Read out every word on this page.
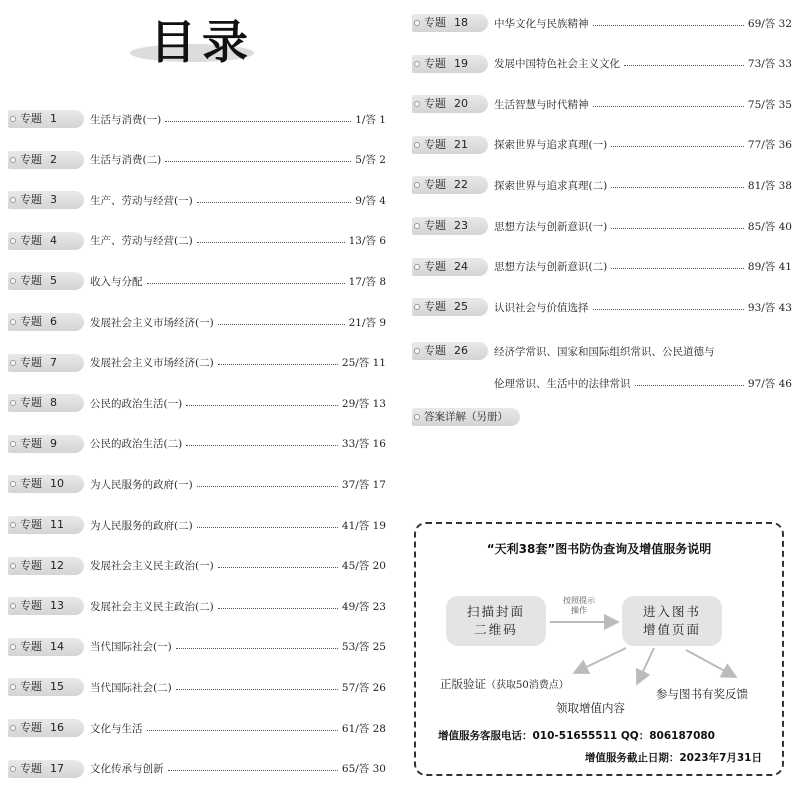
目录
专题 1	生活与消费(一)	1/答 1
专题 2	生活与消费(二)	5/答 2
专题 3	生产、劳动与经营(一)	9/答 4
专题 4	生产、劳动与经营(二)	13/答 6
专题 5	收入与分配	17/答 8
专题 6	发展社会主义市场经济(一)	21/答 9
专题 7	发展社会主义市场经济(二)	25/答 11
专题 8	公民的政治生活(一)	29/答 13
专题 9	公民的政治生活(二)	33/答 16
专题 10 为人民服务的政府(一)	37/答 17
专题 11 为人民服务的政府(二)	41/答 19
专题 12 发展社会主义民主政治(一)	45/答 20
专题 13 发展社会主义民主政治(二)	49/答 23
专题 14 当代国际社会(一)	53/答 25
专题 15 当代国际社会(二)	57/答 26
专题 16 文化与生活	61/答 28
专题 17 文化传承与创新	65/答 30
专题 26 经济学常识、国家和国际组织常识、公民道德与
伦理常识、生活中的法律常识	97/答 46
答案详解（另册）
专题 18 中华文化与民族精神	69/答 32
专题 19 发展中国特色社会主义文化	73/答 33
专题 20 生活智慧与时代精神	75/答 35
专题 21 探索世界与追求真理(一)	77/答 36
专题 22 探索世界与追求真理(二)	81/答 38
专题 23 思想方法与创新意识(一)	85/答 40
专题 24 思想方法与创新意识(二)	89/答 41
专题 25 认识社会与价值选择	93/答 43
“天利38套”图书防伪查询及增值服务说明
扫描封面
二维码
按照提示
操作	进入图书
增值页面
正版验证（获取50消费点）
领取增值内容
参与图书有奖反馈
增值服务客服电话：010-51655511 QQ：806187080
增值服务截止日期：2023年7月31日
